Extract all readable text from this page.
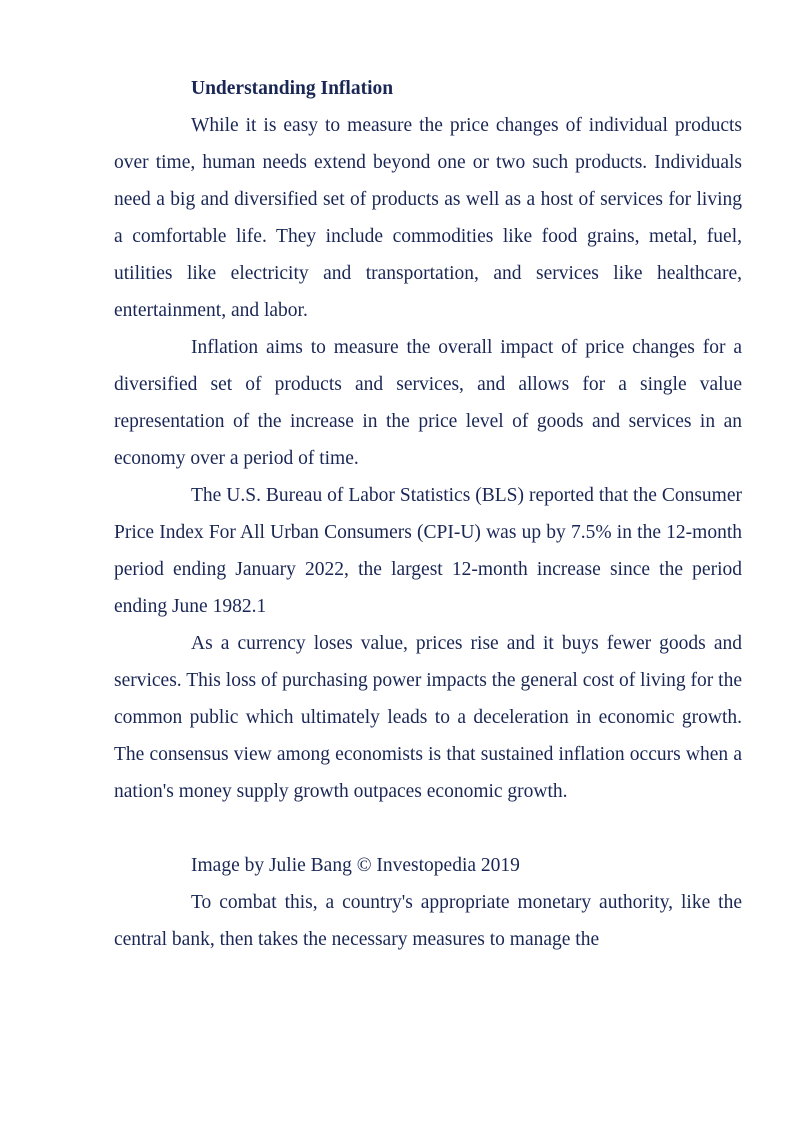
Understanding Inflation

While it is easy to measure the price changes of individual products over time, human needs extend beyond one or two such products. Individuals need a big and diversified set of products as well as a host of services for living a comfortable life. They include commodities like food grains, metal, fuel, utilities like electricity and transportation, and services like healthcare, entertainment, and labor.

Inflation aims to measure the overall impact of price changes for a diversified set of products and services, and allows for a single value representation of the increase in the price level of goods and services in an economy over a period of time.

The U.S. Bureau of Labor Statistics (BLS) reported that the Consumer Price Index For All Urban Consumers (CPI-U) was up by 7.5% in the 12-month period ending January 2022, the largest 12-month increase since the period ending June 1982.1

As a currency loses value, prices rise and it buys fewer goods and services. This loss of purchasing power impacts the general cost of living for the common public which ultimately leads to a deceleration in economic growth. The consensus view among economists is that sustained inflation occurs when a nation's money supply growth outpaces economic growth.

Image by Julie Bang © Investopedia 2019

To combat this, a country's appropriate monetary authority, like the central bank, then takes the necessary measures to manage the
